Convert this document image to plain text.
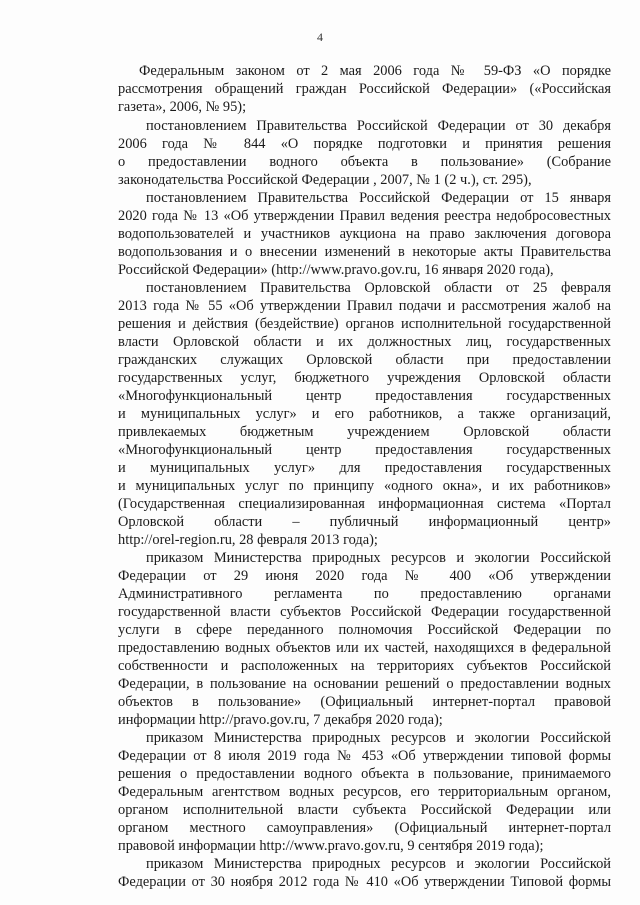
4
Федеральным законом от 2 мая 2006 года № 59-ФЗ «О порядке
рассмотрения обращений граждан Российской Федерации» («Российская
газета», 2006, № 95);
постановлением Правительства Российской Федерации от 30 декабря
2006 года № 844 «О порядке подготовки и принятия решения
о предоставлении водного объекта в пользование» (Собрание
законодательства Российской Федерации , 2007, № 1 (2 ч.), ст. 295),
постановлением Правительства Российской Федерации от 15 января
2020 года № 13 «Об утверждении Правил ведения реестра недобросовестных
водопользователей и участников аукциона на право заключения договора
водопользования и о внесении изменений в некоторые акты Правительства
Российской Федерации» (http://www.pravo.gov.ru, 16 января 2020 года),
постановлением Правительства Орловской области от 25 февраля
2013 года № 55 «Об утверждении Правил подачи и рассмотрения жалоб на
решения и действия (бездействие) органов исполнительной государственной
власти Орловской области и их должностных лиц, государственных
гражданских служащих Орловской области при предоставлении
государственных услуг, бюджетного учреждения Орловской области
«Многофункциональный центр предоставления государственных
и муниципальных услуг» и его работников, а также организаций,
привлекаемых бюджетным учреждением Орловской области
«Многофункциональный центр предоставления государственных
и муниципальных услуг» для предоставления государственных
и муниципальных услуг по принципу «одного окна», и их работников»
(Государственная специализированная информационная система «Портал
Орловской области – публичный информационный центр»
http://orel-region.ru, 28 февраля 2013 года);
приказом Министерства природных ресурсов и экологии Российской
Федерации от 29 июня 2020 года № 400 «Об утверждении
Административного регламента по предоставлению органами
государственной власти субъектов Российской Федерации государственной
услуги в сфере переданного полномочия Российской Федерации по
предоставлению водных объектов или их частей, находящихся в федеральной
собственности и расположенных на территориях субъектов Российской
Федерации, в пользование на основании решений о предоставлении водных
объектов в пользование» (Официальный интернет-портал правовой
информации http://pravo.gov.ru, 7 декабря 2020 года);
приказом Министерства природных ресурсов и экологии Российской
Федерации от 8 июля 2019 года № 453 «Об утверждении типовой формы
решения о предоставлении водного объекта в пользование, принимаемого
Федеральным агентством водных ресурсов, его территориальным органом,
органом исполнительной власти субъекта Российской Федерации или
органом местного самоуправления» (Официальный интернет-портал
правовой информации http://www.pravo.gov.ru, 9 сентября 2019 года);
приказом Министерства природных ресурсов и экологии Российской
Федерации от 30 ноября 2012 года № 410 «Об утверждении Типовой формы
